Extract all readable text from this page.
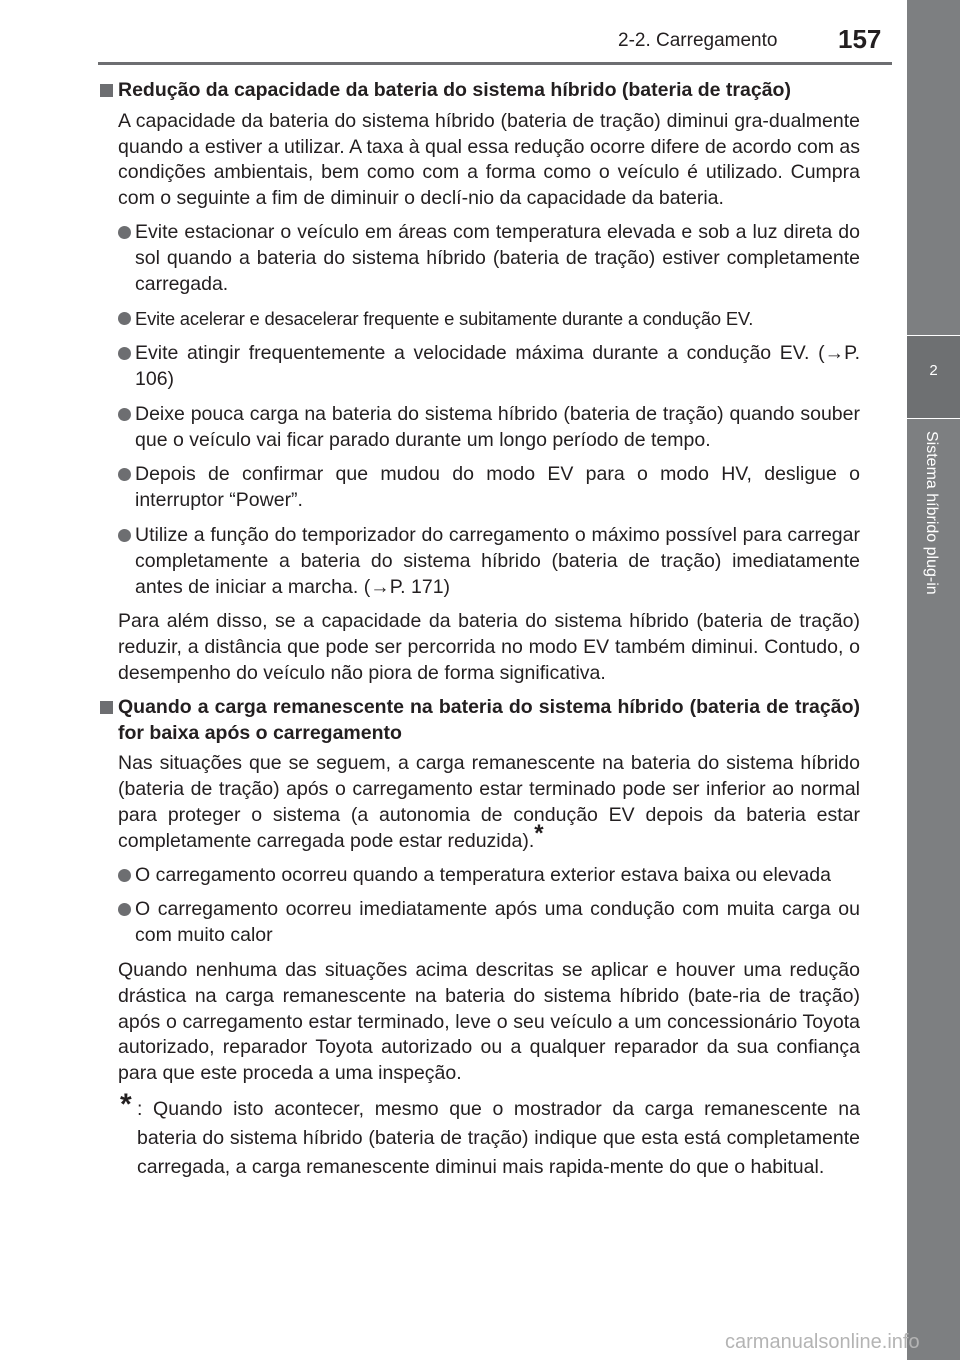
2-2. Carregamento 157
2
Sistema híbrido plug-in
Redução da capacidade da bateria do sistema híbrido (bateria de tração)

A capacidade da bateria do sistema híbrido (bateria de tração) diminui gra-dualmente quando a estiver a utilizar. A taxa à qual essa redução ocorre difere de acordo com as condições ambientais, bem como com a forma como o veículo é utilizado. Cumpra com o seguinte a fim de diminuir o declí-nio da capacidade da bateria.

Evite estacionar o veículo em áreas com temperatura elevada e sob a luz direta do sol quando a bateria do sistema híbrido (bateria de tração) estiver completamente carregada.

Evite acelerar e desacelerar frequente e subitamente durante a condução EV.

Evite atingir frequentemente a velocidade máxima durante a condução EV. (→P. 106)

Deixe pouca carga na bateria do sistema híbrido (bateria de tração) quando souber que o veículo vai ficar parado durante um longo período de tempo.

Depois de confirmar que mudou do modo EV para o modo HV, desligue o interruptor “Power”.

Utilize a função do temporizador do carregamento o máximo possível para carregar completamente a bateria do sistema híbrido (bateria de tração) imediatamente antes de iniciar a marcha. (→P. 171)

Para além disso, se a capacidade da bateria do sistema híbrido (bateria de tração) reduzir, a distância que pode ser percorrida no modo EV também diminui. Contudo, o desempenho do veículo não piora de forma significativa.

Quando a carga remanescente na bateria do sistema híbrido (bateria de tração) for baixa após o carregamento

Nas situações que se seguem, a carga remanescente na bateria do sistema híbrido (bateria de tração) após o carregamento estar terminado pode ser inferior ao normal para proteger o sistema (a autonomia de condução EV depois da bateria estar completamente carregada pode estar reduzida).*

O carregamento ocorreu quando a temperatura exterior estava baixa ou elevada

O carregamento ocorreu imediatamente após uma condução com muita carga ou com muito calor

Quando nenhuma das situações acima descritas se aplicar e houver uma redução drástica na carga remanescente na bateria do sistema híbrido (bate-ria de tração) após o carregamento estar terminado, leve o seu veículo a um concessionário Toyota autorizado, reparador Toyota autorizado ou a qualquer reparador da sua confiança para que este proceda a uma inspeção.

* : Quando isto acontecer, mesmo que o mostrador da carga remanescente na bateria do sistema híbrido (bateria de tração) indique que esta está completamente carregada, a carga remanescente diminui mais rapida-mente do que o habitual.

carmanualsonline.info
